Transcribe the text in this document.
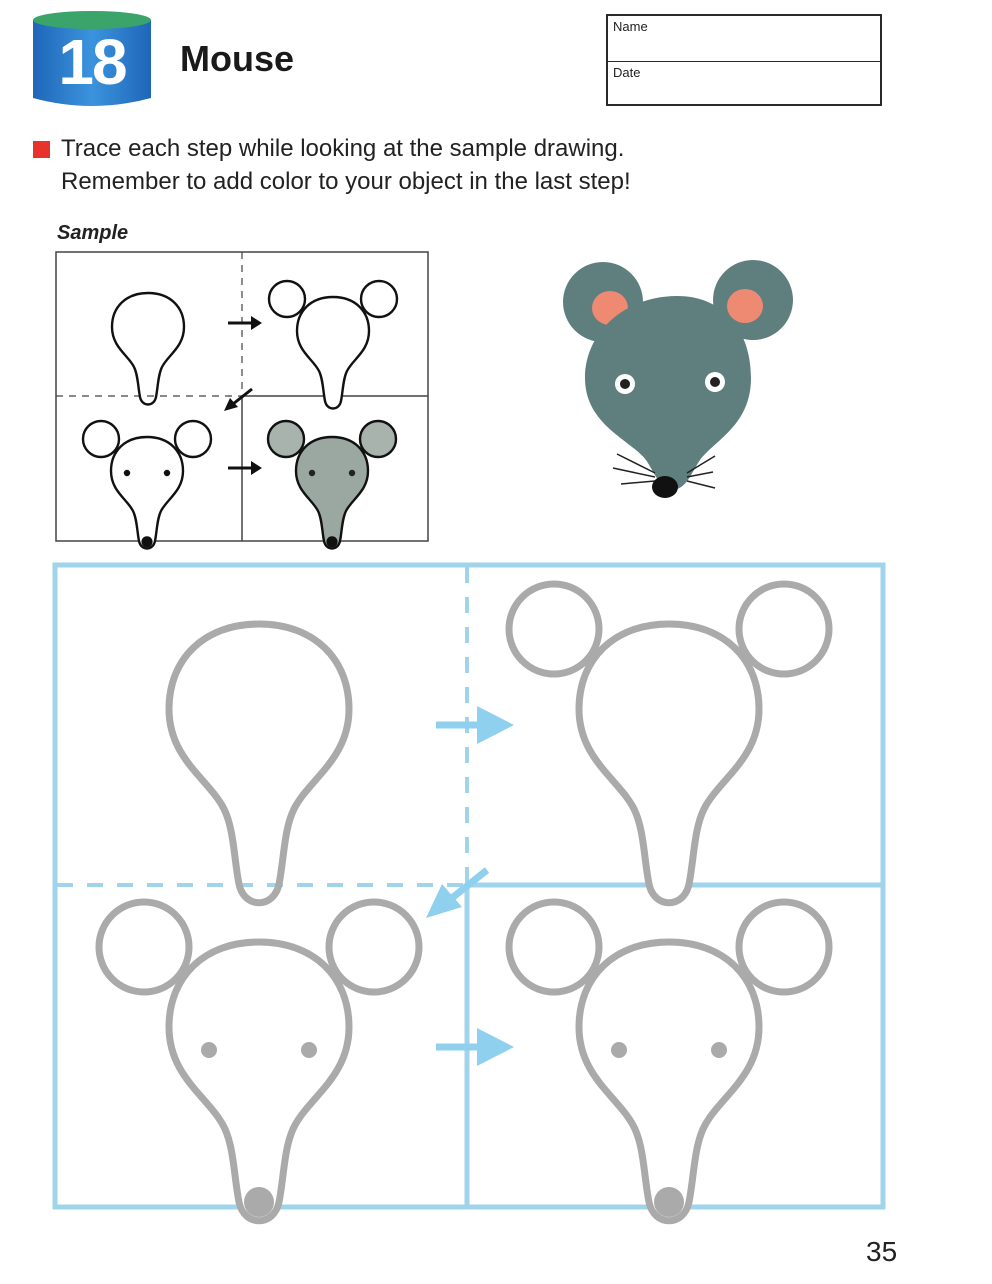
18	Mouse
Name
Date
Trace each step while looking at the sample drawing.
Remember to add color to your object in the last step!
Sample
35
